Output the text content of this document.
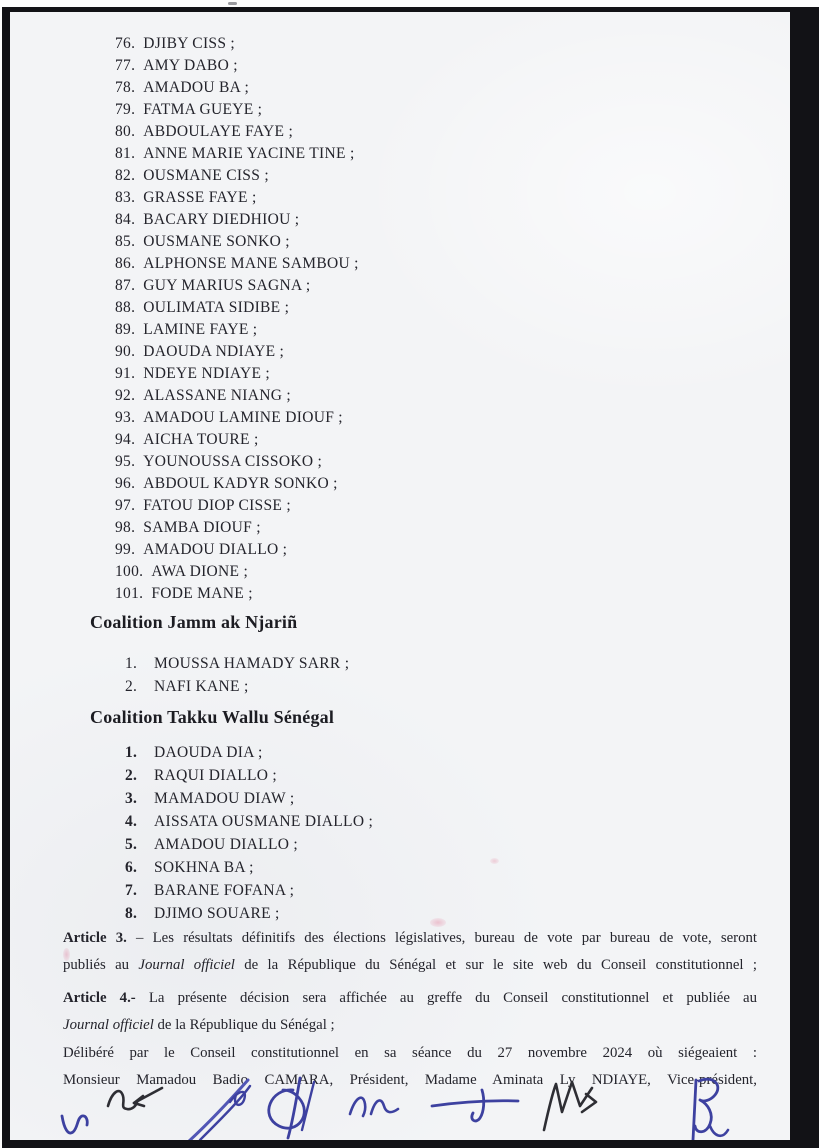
76. DJIBY CISS ;
77. AMY DABO ;
78. AMADOU BA ;
79. FATMA GUEYE ;
80. ABDOULAYE FAYE ;
81. ANNE MARIE YACINE TINE ;
82. OUSMANE CISS ;
83. GRASSE FAYE ;
84. BACARY DIEDHIOU ;
85. OUSMANE SONKO ;
86. ALPHONSE MANE SAMBOU ;
87. GUY MARIUS SAGNA ;
88. OULIMATA SIDIBE ;
89. LAMINE FAYE ;
90. DAOUDA NDIAYE ;
91. NDEYE NDIAYE ;
92. ALASSANE NIANG ;
93. AMADOU LAMINE DIOUF ;
94. AICHA TOURE ;
95. YOUNOUSSA CISSOKO ;
96. ABDOUL KADYR SONKO ;
97. FATOU DIOP CISSE ;
98. SAMBA DIOUF ;
99. AMADOU DIALLO ;
100. AWA DIONE ;
101. FODE MANE ;
Coalition Jamm ak Njariñ
1. MOUSSA HAMADY SARR ;
2. NAFI KANE ;
Coalition Takku Wallu Sénégal
1. DAOUDA DIA ;
2. RAQUI DIALLO ;
3. MAMADOU DIAW ;
4. AISSATA OUSMANE DIALLO ;
5. AMADOU DIALLO ;
6. SOKHNA BA ;
7. BARANE FOFANA ;
8. DJIMO SOUARE ;
Article 3. – Les résultats définitifs des élections législatives, bureau de vote par bureau de vote, seront
publiés au Journal officiel de la République du Sénégal et sur le site web du Conseil constitutionnel ;
Article 4.- La présente décision sera affichée au greffe du Conseil constitutionnel et publiée au
Journal officiel de la République du Sénégal ;
Délibéré par le Conseil constitutionnel en sa séance du 27 novembre 2024 où siégeaient :
Monsieur Mamadou Badio CAMARA, Président, Madame Aminata Ly NDIAYE, Vice-président,
